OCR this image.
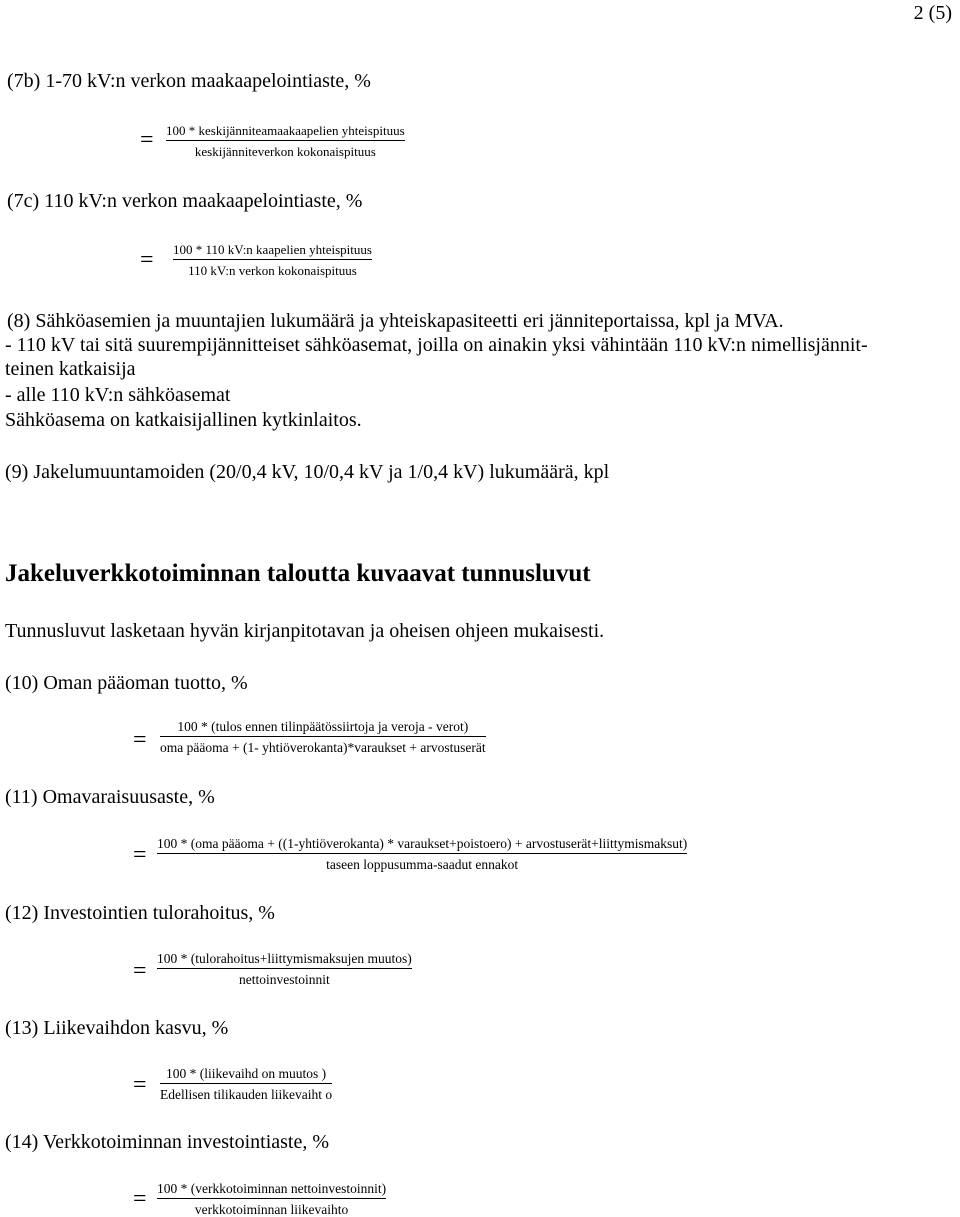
2 (5)
(7b) 1-70 kV:n verkon maakaapelointiaste, %
= 100 * keskijänniteamaakaapelien yhteispituus
keskijänniteverkon kokonaispituus
(7c) 110 kV:n verkon maakaapelointiaste, %
= 100 * 110 kV:n kaapelien yhteispituus
110 kV:n verkon kokonaispituus
(8) Sähköasemien ja muuntajien lukumäärä ja yhteiskapasiteetti eri jänniteportaissa, kpl ja MVA.
- 110 kV tai sitä suurempijännitteiset sähköasemat, joilla on ainakin yksi vähintään 110 kV:n nimellisjännit-
teinen katkaisija
- alle 110 kV:n sähköasemat
Sähköasema on katkaisijallinen kytkinlaitos.
(9) Jakelumuuntamoiden (20/0,4 kV, 10/0,4 kV ja 1/0,4 kV) lukumäärä, kpl
Jakeluverkkotoiminnan taloutta kuvaavat tunnusluvut
Tunnusluvut lasketaan hyvän kirjanpitotavan ja oheisen ohjeen mukaisesti.
(10) Oman pääoman tuotto, %
=
100 * (tulos ennen tilinpäätössiirtoja ja veroja - verot)
oma pääoma + (1- yhtiöverokanta)*varaukset + arvostuserät
(11) Omavaraisuusaste, %
= 100 * (oma pääoma + ((1-yhtiöverokanta) * varaukset+poistoero) + arvostuserät+liittymismaksut)
taseen loppusumma-saadut ennakot
(12) Investointien tulorahoitus, %
= 100 * (tulorahoitus+liittymismaksujen muutos)
nettoinvestoinnit
(13) Liikevaihdon kasvu, %
=	100 * (liikevaihd on muutos )
Edellisen tilikauden liikevaiht o
(14) Verkkotoiminnan investointiaste, %
= 100 * (verkkotoiminnan nettoinvestoinnit)
verkkotoiminnan liikevaihto
